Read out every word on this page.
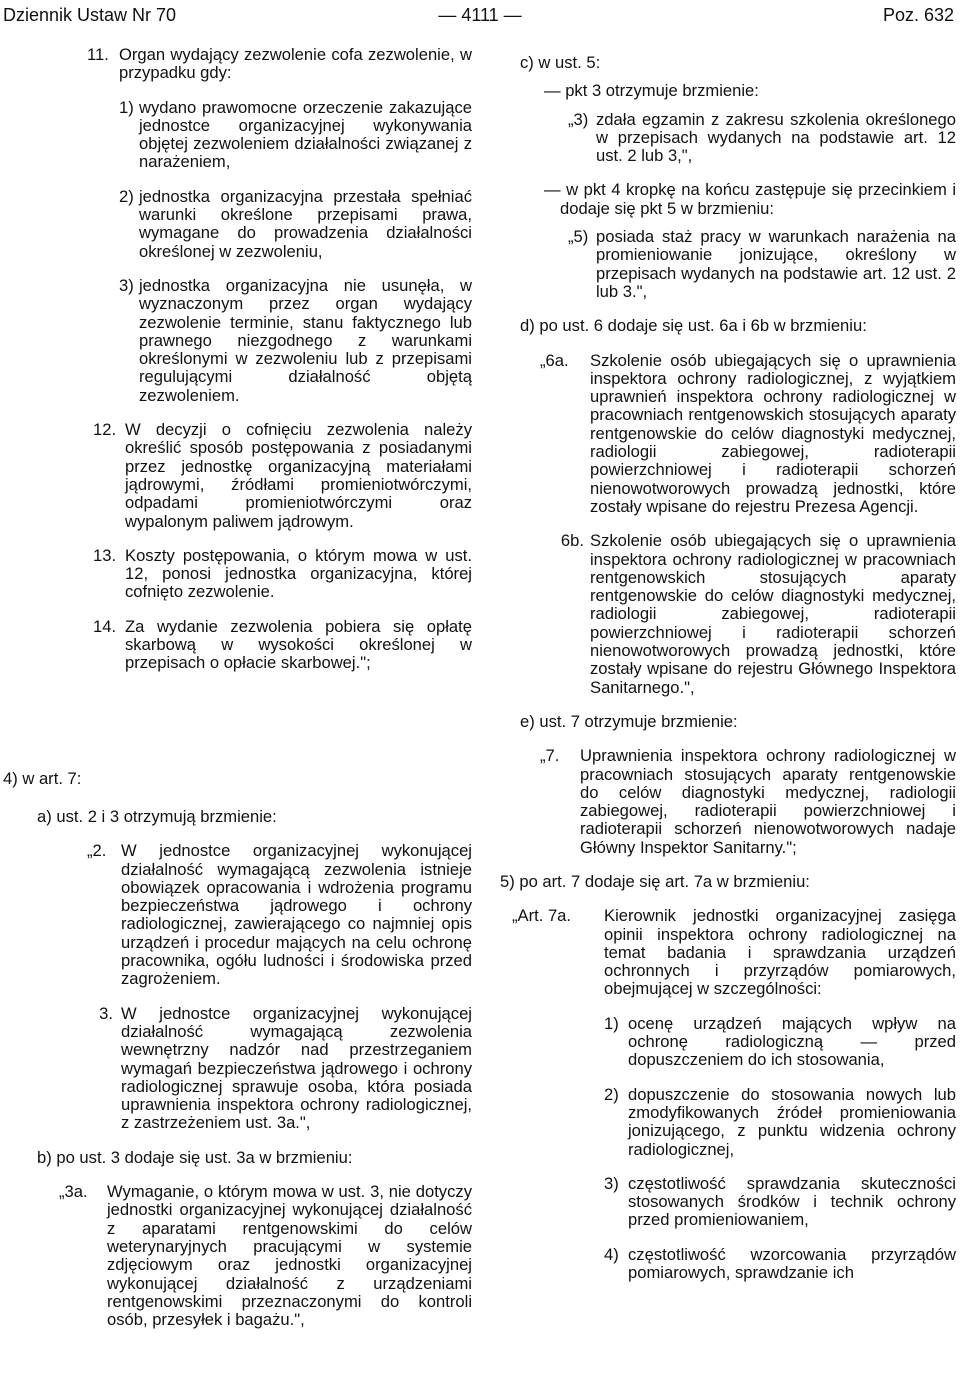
Dziennik Ustaw Nr 70	— 4111 —	Poz. 632
11. Organ wydający zezwolenie cofa zezwolenie, w przypadku gdy:
1) wydano prawomocne orzeczenie zakazujące jednostce organizacyjnej wykonywania objętej zezwoleniem działalności związanej z narażeniem,
2) jednostka organizacyjna przestała spełniać warunki określone przepisami prawa, wymagane do prowadzenia działalności określonej w zezwoleniu,
3) jednostka organizacyjna nie usunęła, w wyznaczonym przez organ wydający zezwolenie terminie, stanu faktycznego lub prawnego niezgodnego z warunkami określonymi w zezwoleniu lub z przepisami regulującymi działalność objętą zezwoleniem.
12. W decyzji o cofnięciu zezwolenia należy określić sposób postępowania z posiadanymi przez jednostkę organizacyjną materiałami jądrowymi, źródłami promieniotwórczymi, odpadami promieniotwórczymi oraz wypalonym paliwem jądrowym.
13. Koszty postępowania, o którym mowa w ust. 12, ponosi jednostka organizacyjna, której cofnięto zezwolenie.
14. Za wydanie zezwolenia pobiera się opłatę skarbową w wysokości określonej w przepisach o opłacie skarbowej.";
4) w art. 7:

a) ust. 2 i 3 otrzymują brzmienie:

„2. W jednostce organizacyjnej wykonującej działalność wymagającą zezwolenia istnieje obowiązek opracowania i wdrożenia programu bezpieczeństwa jądrowego i ochrony radiologicznej, zawierającego co najmniej opis urządzeń i procedur mających na celu ochronę pracownika, ogółu ludności i środowiska przed zagrożeniem.
3. W jednostce organizacyjnej wykonującej działalność wymagającą zezwolenia wewnętrzny nadzór nad przestrzeganiem wymagań bezpieczeństwa jądrowego i ochrony radiologicznej sprawuje osoba, która posiada uprawnienia inspektora ochrony radiologicznej, z zastrzeżeniem ust. 3a.",

b) po ust. 3 dodaje się ust. 3a w brzmieniu:

„3a.	Wymaganie, o którym mowa w ust. 3, nie dotyczy jednostki organizacyjnej wykonującej działalność z aparatami rentgenowskimi do celów weterynaryjnych pracującymi w systemie zdjęciowym oraz jednostki organizacyjnej wykonującej działalność z urządzeniami rentgenowskimi przeznaczonymi do kontroli osób, przesyłek i bagażu.",

c) w ust. 5:

— pkt 3 otrzymuje brzmienie:

„3) zdała egzamin z zakresu szkolenia określonego w przepisach wydanych na podstawie art. 12 ust. 2 lub 3,",

— w pkt 4 kropkę na końcu zastępuje się przecinkiem i dodaje się pkt 5 w brzmieniu:

„5) posiada staż pracy w warunkach narażenia na promieniowanie jonizujące, określony w przepisach wydanych na podstawie art. 12 ust. 2 lub 3.",

d) po ust. 6 dodaje się ust. 6a i 6b w brzmieniu:

„6a.	Szkolenie osób ubiegających się o uprawnienia inspektora ochrony radiologicznej, z wyjątkiem uprawnień inspektora ochrony radiologicznej w pracowniach rentgenowskich stosujących aparaty rentgenowskie do celów diagnostyki medycznej, radiologii zabiegowej, radioterapii powierzchniowej i radioterapii schorzeń nienowotworowych prowadzą jednostki, które zostały wpisane do rejestru Prezesa Agencji.
6b. Szkolenie osób ubiegających się o uprawnienia inspektora ochrony radiologicznej w pracowniach rentgenowskich stosujących aparaty rentgenowskie do celów diagnostyki medycznej, radiologii zabiegowej, radioterapii powierzchniowej i radioterapii schorzeń nienowotworowych prowadzą jednostki, które zostały wpisane do rejestru Głównego Inspektora Sanitarnego.",

e) ust. 7 otrzymuje brzmienie:

„7.	Uprawnienia inspektora ochrony radiologicznej w pracowniach stosujących aparaty rentgenowskie do celów diagnostyki medycznej, radiologii zabiegowej, radioterapii powierzchniowej i radioterapii schorzeń nienowotworowych nadaje Główny Inspektor Sanitarny.";

5) po art. 7 dodaje się art. 7a w brzmieniu:

„Art. 7a.	Kierownik jednostki organizacyjnej zasięga opinii inspektora ochrony radiologicznej na temat badania i sprawdzania urządzeń ochronnych i przyrządów pomiarowych, obejmującej w szczególności:
1) ocenę urządzeń mających wpływ na ochronę radiologiczną — przed dopuszczeniem do ich stosowania,
2) dopuszczenie do stosowania nowych lub zmodyfikowanych źródeł promieniowania jonizującego, z punktu widzenia ochrony radiologicznej,
3) częstotliwość sprawdzania skuteczności stosowanych środków i technik ochrony przed promieniowaniem,
4) częstotliwość wzorcowania przyrządów pomiarowych, sprawdzanie ich
